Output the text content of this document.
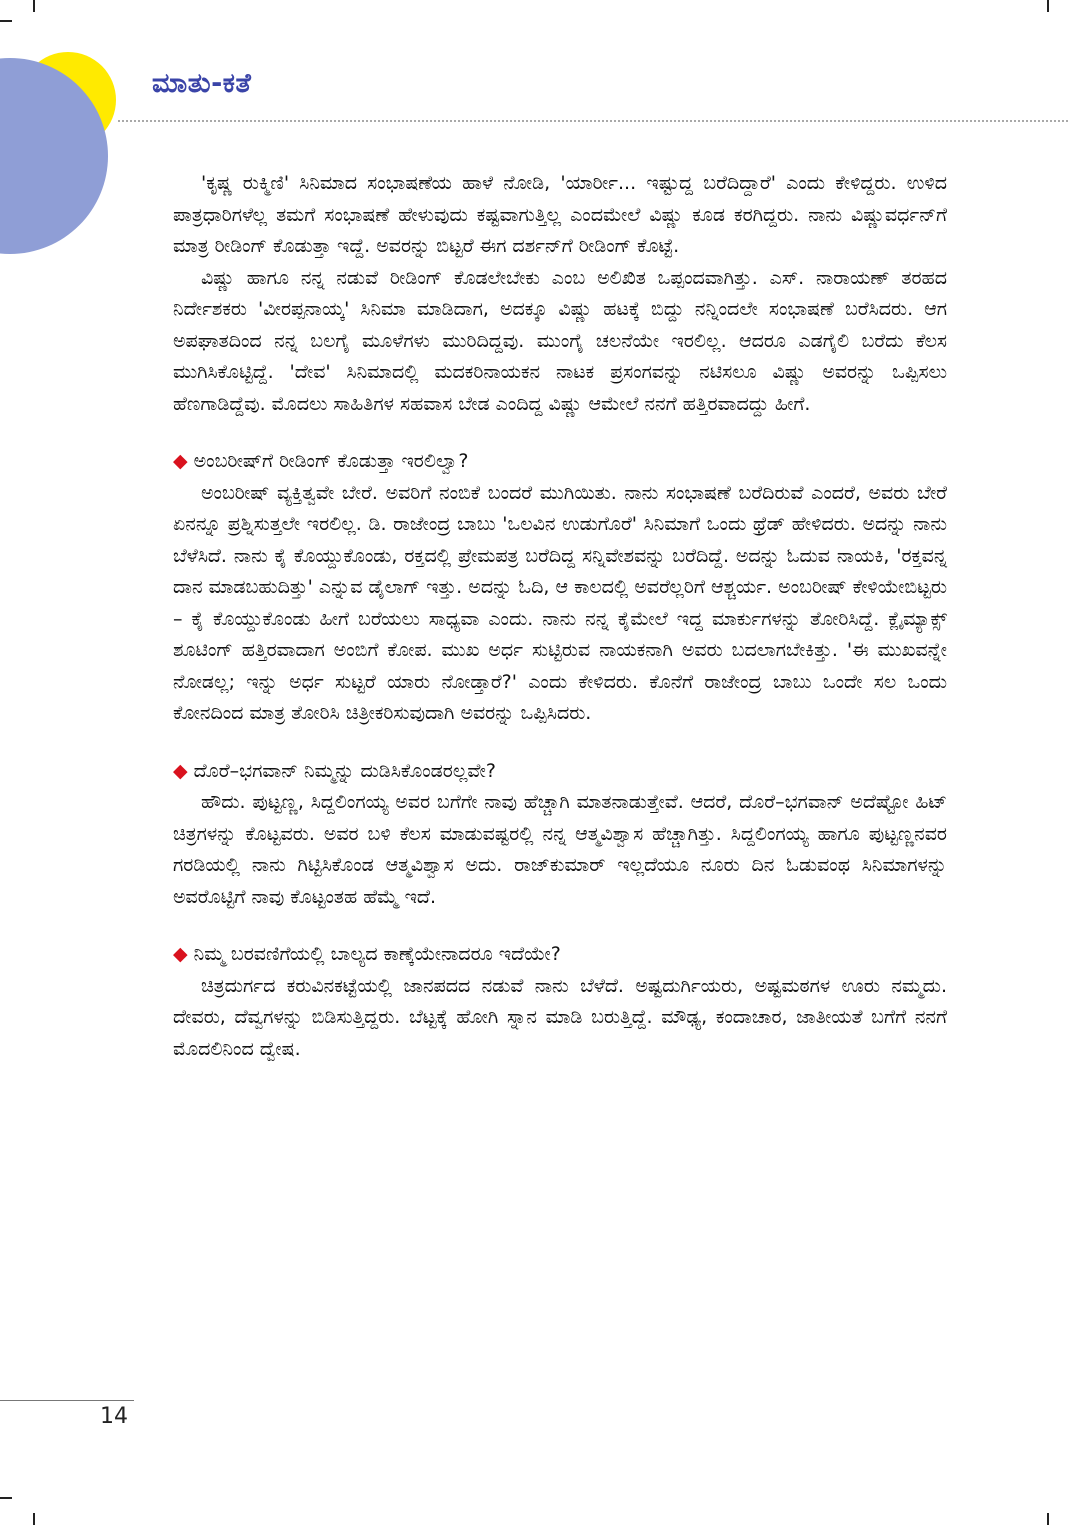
ಮಾತು-ಕತೆ

'ಕೃಷ್ಣ ರುಕ್ಮಿಣಿ' ಸಿನಿಮಾದ ಸಂಭಾಷಣೆಯ ಹಾಳೆ ನೋಡಿ, 'ಯಾರ್ರೀ... ಇಷ್ಟುದ್ದ ಬರೆದಿದ್ದಾರೆ' ಎಂದು ಕೇಳಿದ್ದರು. ಉಳಿದ ಪಾತ್ರಧಾರಿಗಳೆಲ್ಲ ತಮಗೆ ಸಂಭಾಷಣೆ ಹೇಳುವುದು ಕಷ್ಟವಾಗುತ್ತಿಲ್ಲ ಎಂದಮೇಲೆ ವಿಷ್ಣು ಕೂಡ ಕರಗಿದ್ದರು. ನಾನು ವಿಷ್ಣುವರ್ಧನ್‌ಗೆ ಮಾತ್ರ ರೀಡಿಂಗ್ ಕೊಡುತ್ತಾ ಇದ್ದೆ. ಅವರನ್ನು ಬಿಟ್ಟರೆ ಈಗ ದರ್ಶನ್‌ಗೆ ರೀಡಿಂಗ್ ಕೊಟ್ಟೆ.

ವಿಷ್ಣು ಹಾಗೂ ನನ್ನ ನಡುವೆ ರೀಡಿಂಗ್ ಕೊಡಲೇಬೇಕು ಎಂಬ ಅಲಿಖಿತ ಒಪ್ಪಂದವಾಗಿತ್ತು. ಎಸ್. ನಾರಾಯಣ್ ತರಹದ ನಿರ್ದೇಶಕರು 'ವೀರಪ್ಪನಾಯ್ಕ' ಸಿನಿಮಾ ಮಾಡಿದಾಗ, ಅದಕ್ಕೂ ವಿಷ್ಣು ಹಟಕ್ಕೆ ಬಿದ್ದು ನನ್ನಿಂದಲೇ ಸಂಭಾಷಣೆ ಬರೆಸಿದರು. ಆಗ ಅಪಘಾತದಿಂದ ನನ್ನ ಬಲಗೈ ಮೂಳೆಗಳು ಮುರಿದಿದ್ದವು. ಮುಂಗೈ ಚಲನೆಯೇ ಇರಲಿಲ್ಲ. ಆದರೂ ಎಡಗೈಲಿ ಬರೆದು ಕೆಲಸ ಮುಗಿಸಿಕೊಟ್ಟಿದ್ದೆ. 'ದೇವ' ಸಿನಿಮಾದಲ್ಲಿ ಮದಕರಿನಾಯಕನ ನಾಟಕ ಪ್ರಸಂಗವನ್ನು ನಟಿಸಲೂ ವಿಷ್ಣು ಅವರನ್ನು ಒಪ್ಪಿಸಲು ಹೆಣಗಾಡಿದ್ದೆವು. ಮೊದಲು ಸಾಹಿತಿಗಳ ಸಹವಾಸ ಬೇಡ ಎಂದಿದ್ದ ವಿಷ್ಣು ಆಮೇಲೆ ನನಗೆ ಹತ್ತಿರವಾದದ್ದು ಹೀಗೆ.

◆ ಅಂಬರೀಷ್‌ಗೆ ರೀಡಿಂಗ್ ಕೊಡುತ್ತಾ ಇರಲಿಲ್ವಾ?

ಅಂಬರೀಷ್ ವ್ಯಕ್ತಿತ್ವವೇ ಬೇರೆ. ಅವರಿಗೆ ನಂಬಿಕೆ ಬಂದರೆ ಮುಗಿಯಿತು. ನಾನು ಸಂಭಾಷಣೆ ಬರೆದಿರುವೆ ಎಂದರೆ, ಅವರು ಬೇರೆ ಏನನ್ನೂ ಪ್ರಶ್ನಿಸುತ್ತಲೇ ಇರಲಿಲ್ಲ. ಡಿ. ರಾಜೇಂದ್ರ ಬಾಬು 'ಒಲವಿನ ಉಡುಗೊರೆ' ಸಿನಿಮಾಗೆ ಒಂದು ಥ್ರೆಡ್ ಹೇಳಿದರು. ಅದನ್ನು ನಾನು ಬೆಳೆಸಿದೆ. ನಾನು ಕೈ ಕೊಯ್ದುಕೊಂಡು, ರಕ್ತದಲ್ಲಿ ಪ್ರೇಮಪತ್ರ ಬರೆದಿದ್ದ ಸನ್ನಿವೇಶವನ್ನು ಬರೆದಿದ್ದೆ. ಅದನ್ನು ಓದುವ ನಾಯಕಿ, 'ರಕ್ತವನ್ನ ದಾನ ಮಾಡಬಹುದಿತ್ತು' ಎನ್ನುವ ಡೈಲಾಗ್ ಇತ್ತು. ಅದನ್ನು ಓದಿ, ಆ ಕಾಲದಲ್ಲಿ ಅವರೆಲ್ಲರಿಗೆ ಆಶ್ಚರ್ಯ. ಅಂಬರೀಷ್ ಕೇಳಿಯೇಬಿಟ್ಟರು – ಕೈ ಕೊಯ್ದುಕೊಂಡು ಹೀಗೆ ಬರೆಯಲು ಸಾಧ್ಯವಾ ಎಂದು. ನಾನು ನನ್ನ ಕೈಮೇಲೆ ಇದ್ದ ಮಾರ್ಕುಗಳನ್ನು ತೋರಿಸಿದ್ದೆ. ಕ್ಲೈಮ್ಯಾಕ್ಸ್ ಶೂಟಿಂಗ್ ಹತ್ತಿರವಾದಾಗ ಅಂಬಿಗೆ ಕೋಪ. ಮುಖ ಅರ್ಧ ಸುಟ್ಟಿರುವ ನಾಯಕನಾಗಿ ಅವರು ಬದಲಾಗಬೇಕಿತ್ತು. 'ಈ ಮುಖವನ್ನೇ ನೋಡಲ್ಲ; ಇನ್ನು ಅರ್ಧ ಸುಟ್ಟರೆ ಯಾರು ನೋಡ್ತಾರೆ?' ಎಂದು ಕೇಳಿದರು. ಕೊನೆಗೆ ರಾಜೇಂದ್ರ ಬಾಬು ಒಂದೇ ಸಲ ಒಂದು ಕೋನದಿಂದ ಮಾತ್ರ ತೋರಿಸಿ ಚಿತ್ರೀಕರಿಸುವುದಾಗಿ ಅವರನ್ನು ಒಪ್ಪಿಸಿದರು.

◆ ದೊರೆ–ಭಗವಾನ್ ನಿಮ್ಮನ್ನು ದುಡಿಸಿಕೊಂಡರಲ್ಲವೇ?

ಹೌದು. ಪುಟ್ಟಣ್ಣ, ಸಿದ್ದಲಿಂಗಯ್ಯ ಅವರ ಬಗೆಗೇ ನಾವು ಹೆಚ್ಚಾಗಿ ಮಾತನಾಡುತ್ತೇವೆ. ಆದರೆ, ದೊರೆ–ಭಗವಾನ್ ಅದೆಷ್ಟೋ ಹಿಟ್ ಚಿತ್ರಗಳನ್ನು ಕೊಟ್ಟವರು. ಅವರ ಬಳಿ ಕೆಲಸ ಮಾಡುವಷ್ಟರಲ್ಲಿ ನನ್ನ ಆತ್ಮವಿಶ್ವಾಸ ಹೆಚ್ಚಾಗಿತ್ತು. ಸಿದ್ದಲಿಂಗಯ್ಯ ಹಾಗೂ ಪುಟ್ಟಣ್ಣನವರ ಗರಡಿಯಲ್ಲಿ ನಾನು ಗಿಟ್ಟಿಸಿಕೊಂಡ ಆತ್ಮವಿಶ್ವಾಸ ಅದು. ರಾಜ್‌ಕುಮಾರ್ ಇಲ್ಲದೆಯೂ ನೂರು ದಿನ ಓಡುವಂಥ ಸಿನಿಮಾಗಳನ್ನು ಅವರೊಟ್ಟಿಗೆ ನಾವು ಕೊಟ್ಟಂತಹ ಹೆಮ್ಮೆ ಇದೆ.

◆ ನಿಮ್ಮ ಬರವಣಿಗೆಯಲ್ಲಿ ಬಾಲ್ಯದ ಕಾಣ್ಕೆಯೇನಾದರೂ ಇದೆಯೇ?

ಚಿತ್ರದುರ್ಗದ ಕರುವಿನಕಟ್ಟೆಯಲ್ಲಿ ಜಾನಪದದ ನಡುವೆ ನಾನು ಬೆಳೆದೆ. ಅಷ್ಟದುರ್ಗಿಯರು, ಅಷ್ಟಮಠಗಳ ಊರು ನಮ್ಮದು. ದೇವರು, ದೆವ್ವಗಳನ್ನು ಬಿಡಿಸುತ್ತಿದ್ದರು. ಬೆಟ್ಟಕ್ಕೆ ಹೋಗಿ ಸ್ನಾನ ಮಾಡಿ ಬರುತ್ತಿದ್ದೆ. ಮೌಢ್ಯ, ಕಂದಾಚಾರ, ಜಾತೀಯತೆ ಬಗೆಗೆ ನನಗೆ ಮೊದಲಿನಿಂದ ದ್ವೇಷ.

14
